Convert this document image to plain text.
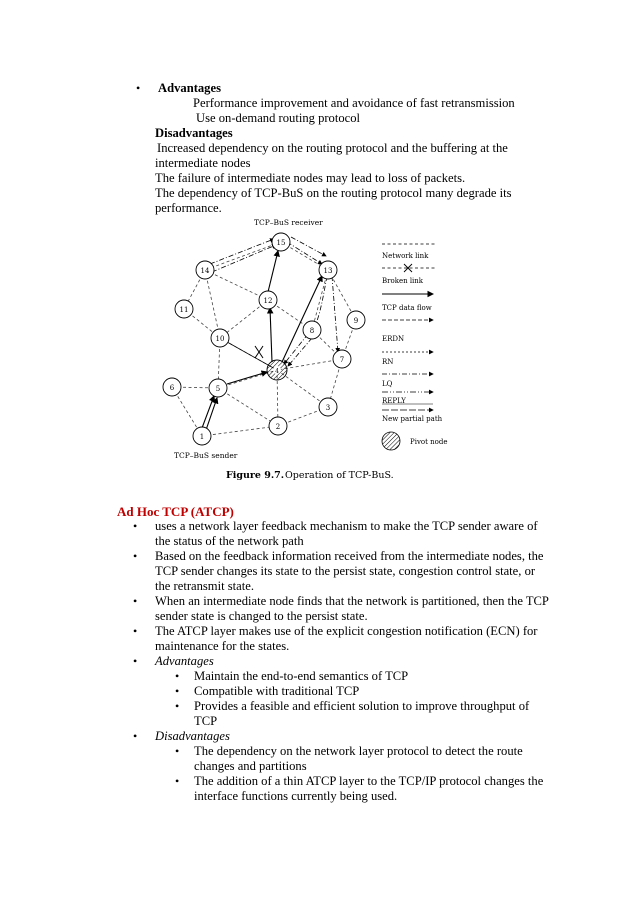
• Advantages
Performance improvement and avoidance of fast retransmission
Use on-demand routing protocol
Disadvantages
Increased dependency on the routing protocol and the buffering at the
intermediate nodes
The failure of intermediate nodes may lead to loss of packets.
The dependency of TCP-BuS on the routing protocol many degrade its
performance.
15
14	13
12
11
9
8
10
7
4
6	5
3
2
1
TCP–BuS receiver
TCP–BuS sender
Network link
Broken link
TCP data flow
ERDN
RN
LQ
REPLY
New partial path
Pivot node
Figure 9.7. Operation of TCP-BuS.
Ad Hoc TCP (ATCP)
• uses a network layer feedback mechanism to make the TCP sender aware of
the status of the network path
• Based on the feedback information received from the intermediate nodes, the
TCP sender changes its state to the persist state, congestion control state, or
the retransmit state.
• When an intermediate node finds that the network is partitioned, then the TCP
sender state is changed to the persist state.
• The ATCP layer makes use of the explicit congestion notification (ECN) for
maintenance for the states.
• Advantages
• Maintain the end-to-end semantics of TCP
• Compatible with traditional TCP
• Provides a feasible and efficient solution to improve throughput of
TCP
• Disadvantages
• The dependency on the network layer protocol to detect the route
changes and partitions
• The addition of a thin ATCP layer to the TCP/IP protocol changes the
interface functions currently being used.
